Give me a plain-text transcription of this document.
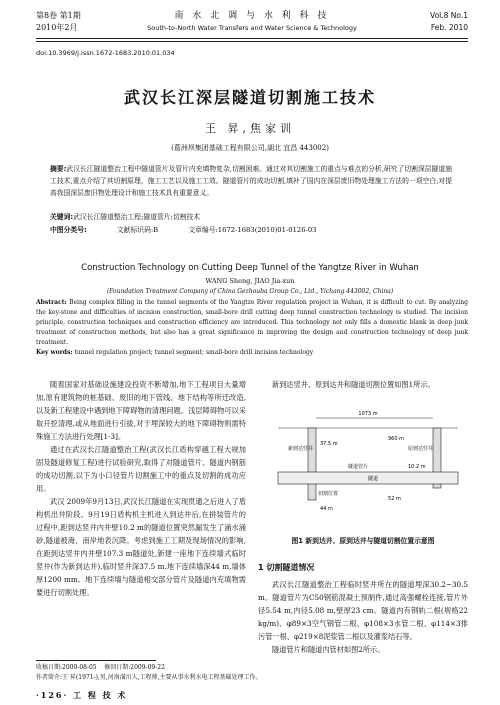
第8卷 第1期
2010年2月
南 水 北 调 与 水 利 科 技
South-to-North Water Transfers and Water Science & Technology
Vol.8 No.1
Feb. 2010
doi:10.3969/j.issn.1672-1683.2010.01.034
武汉长江深层隧道切割施工技术
王 昇,焦家训
(葛洲坝集团基础工程有限公司,湖北 宜昌 443002)
摘要:武汉长江隧道整治工程中隧道管片及管片内充填物复杂,切割困难。通过对其切割施工的重点与难点的分析,研究了切割深层隧道施工技术,重点介绍了其切割原理、施工工艺以及施工工效。隧道管片的成功切割,填补了国内在深层废旧物处理施工方法的一项空白,对提高我国深层废旧物处理设计和施工技术具有重要意义。
关键词:武汉长江隧道整治工程;隧道管片;切割技术
中图分类号:	文献标识码:B	文章编号:1672-1683(2010)01-0126-03
Construction Technology on Cutting Deep Tunnel of the Yangtze River in Wuhan
WANG Sheng, JIAO Jia-xun
(Foundation Treatment Company of China Gezhouba Group Co., Ltd., Yichang 443002, China)
Abstract: Being complex filling in the tunnel segments of the Yangtze River regulation project in Wuhan, it is difficult to cut. By analyzing the key-stone and difficulties of incision construction, small-bore drill cutting deep tunnel construction technology is studied. The incision principle, construction techniques and construction efficiency are introduced. This technology not only fills a domestic blank in deep junk treatment of construction methods, but also has a great significance in improving the design and construction technology of deep junk treatment.
Key words: tunnel regulation project; tunnel segment; small-bore drill incision technology

随着国家对基础设施建设投资不断增加,地下工程项目大量增加,原有建筑物的桩基础、废旧的地下管线、地下结构等所迁改造,以及新工程建设中遇到地下障碍物的清理问题。浅层障碍物可以采取开挖清理,或从地面进行引拔,对于埋深较大的地下障碍物则需特殊施工方法进行处理[1-3]。

通过在武汉长江隧道整治工程(武汉长江盾构穿越工程大规加固及隧道修复工程)进行试验研究,取得了对隧道管片、隧道内钢筋的成功切割,以下为小口径管片切割施工中的重点及切割的成功应用。

武汉 2009年9月13日,武汉长江隧道在实现贯通之后进入了盾构机出井阶段。9月19日盾构机主机进入到达井后,在拼装管片的过程中,距到达竖井内井壁10.2 m的隧道位置突然漏发生了涌水涌砂,隧道被淹、南岸地表沉降。考虑到施工工期及现场情况的影响,在距到达竖井内井壁107.3 m隧道处,新建一座地下连续墙式临时竖井(作为新到达井),临时竖井深37.5 m,地下连续墙深44 m,墙体厚1200 mm。地下连续墙与隧道相交部分管片及隧道内充填物需要进行切割处理。

新到达竖井、原到达井和隧道切割位置如图1所示。

1073 m
新到达竖井	原到达竖井
隧道管片
隧道
切割位置
960 m
37.5 m
44 m
52 m
10.2 m
图1 新到达井、原到达井与隧道切割位置示意图
1 切割隧道情况

武汉长江隧道整治工程临时竖井所在的隧道埋深30.2~30.5 m。隧道管片为C50钢筋混凝土预制件,通过高强螺栓连接,管片外径5.54 m,内径5.08 m,壁厚23 cm。隧道内有钢轨二根(规格22 kg/m)、φ89×3空气钢管二根、φ108×3水管二根、φ114×3排污管一根、φ219×8泥浆管二根以及灌浆结石等。

隧道管片和隧道内管材如图2所示。

收稿日期:2009-08-05 修回日期:2009-09-22
作者简介:王 昇(1971-),男,河南潢川人,工程师,主要从事水利水电工程基础处理工作。
·126· 工 程 技 术
